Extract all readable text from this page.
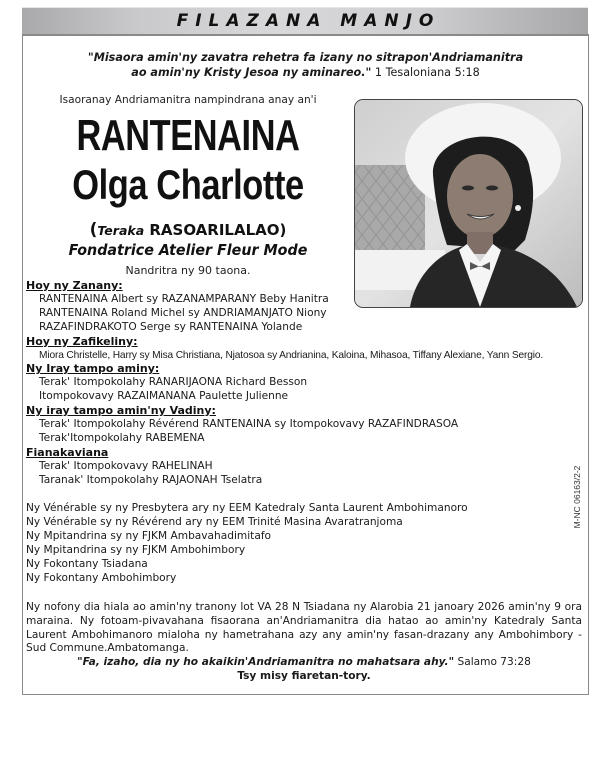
FILAZANA MANJO
"Misaora amin'ny zavatra rehetra fa izany no sitrapon'Andriamanitra
ao amin'ny Kristy Jesoa ny aminareo." 1 Tesaloniana 5:18
Isaoranay Andriamanitra nampindrana anay an'i
RANTENAINA
Olga Charlotte
(Teraka RASOARILALAO)
Fondatrice Atelier Fleur Mode
Nandritra ny 90 taona.
Hoy ny Zanany:
RANTENAINA Albert sy RAZANAMPARANY Beby Hanitra
RANTENAINA Roland Michel sy ANDRIAMANJATO Niony
RAZAFINDRAKOTO Serge sy RANTENAINA Yolande
Hoy ny Zafikeliny:
Miora Christelle, Harry sy Misa Christiana, Njatosoa sy Andrianina, Kaloina, Mihasoa, Tiffany Alexiane, Yann Sergio.
Ny Iray tampo aminy:
Terak' Itompokolahy RANARIJAONA Richard Besson
Itompokovavy RAZAIMANANA Paulette Julienne
Ny iray tampo amin'ny Vadiny:
Terak' Itompokolahy Révérend RANTENAINA sy Itompokovavy RAZAFINDRASOA
Terak'Itompokolahy RABEMENA
Fianakaviana
Terak' Itompokovavy RAHELINAH
Taranak' Itompokolahy RAJAONAH Tselatra
Ny Vénérable sy ny Presbytera ary ny EEM Katedraly Santa Laurent Ambohimanoro
Ny Vénérable sy ny Révérend ary ny EEM Trinité Masina Avaratranjoma
Ny Mpitandrina sy ny FJKM Ambavahadimitafo
Ny Mpitandrina sy ny FJKM Ambohimbory
Ny Fokontany Tsiadana
Ny Fokontany Ambohimbory
Ny nofony dia hiala ao amin'ny tranony lot VA 28 N Tsiadana ny Alarobia 21 janoary 2026 amin'ny 9 ora maraina. Ny fotoam-pivavahana fisaorana an'Andriamanitra dia hatao ao amin'ny Katedraly Santa Laurent Ambohimanoro mialoha ny hametrahana azy any amin'ny fasan-drazany any Ambohimbory - Sud Commune.Ambatomanga.
"Fa, izaho, dia ny ho akaikin'Andriamanitra no mahatsara ahy." Salamo 73:28
Tsy misy fiaretan-tory.
M-NC 06163/2-2
